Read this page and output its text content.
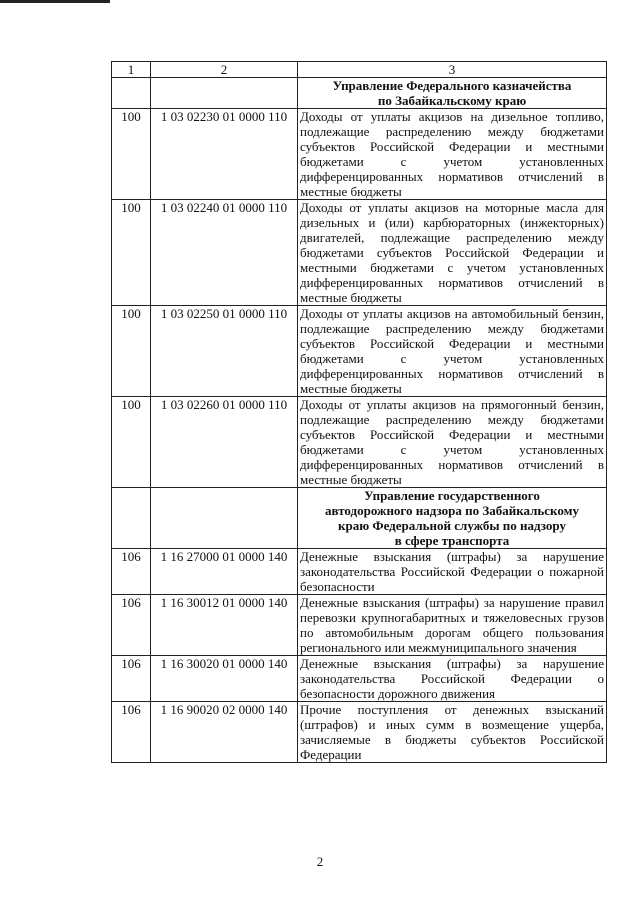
1	2	3

		Управление Федерального казначейства
по Забайкальскому краю

100	1 03 02230 01 0000 110	Доходы от уплаты акцизов на дизельное топливо, подлежащие распределению между бюджетами субъектов Российской Федерации и местными бюджетами с учетом установленных дифференцированных нормативов отчислений в местные бюджеты
100	1 03 02240 01 0000 110	Доходы от уплаты акцизов на моторные масла для дизельных и (или) карбюраторных (инжекторных) двигателей, подлежащие распределению между бюджетами субъектов Российской Федерации и местными бюджетами с учетом установленных дифференцированных нормативов отчислений в местные бюджеты
100	1 03 02250 01 0000 110	Доходы от уплаты акцизов на автомобильный бензин, подлежащие распределению между бюджетами субъектов Российской Федерации и местными бюджетами с учетом установленных дифференцированных нормативов отчислений в местные бюджеты
100	1 03 02260 01 0000 110	Доходы от уплаты акцизов на прямогонный бензин, подлежащие распределению между бюджетами субъектов Российской Федерации и местными бюджетами с учетом установленных дифференцированных нормативов отчислений в местные бюджеты

		Управление государственного
автодорожного надзора по Забайкальскому
краю Федеральной службы по надзору
в сфере транспорта

106	1 16 27000 01 0000 140	Денежные взыскания (штрафы) за нарушение законодательства Российской Федерации о пожарной безопасности
106	1 16 30012 01 0000 140	Денежные взыскания (штрафы) за нарушение правил перевозки крупногабаритных и тяжеловесных грузов по автомобильным дорогам общего пользования регионального или межмуниципального значения
106	1 16 30020 01 0000 140	Денежные взыскания (штрафы) за нарушение законодательства Российской Федерации о безопасности дорожного движения
106	1 16 90020 02 0000 140	Прочие поступления от денежных взысканий (штрафов) и иных сумм в возмещение ущерба, зачисляемые в бюджеты субъектов Российской Федерации
2
